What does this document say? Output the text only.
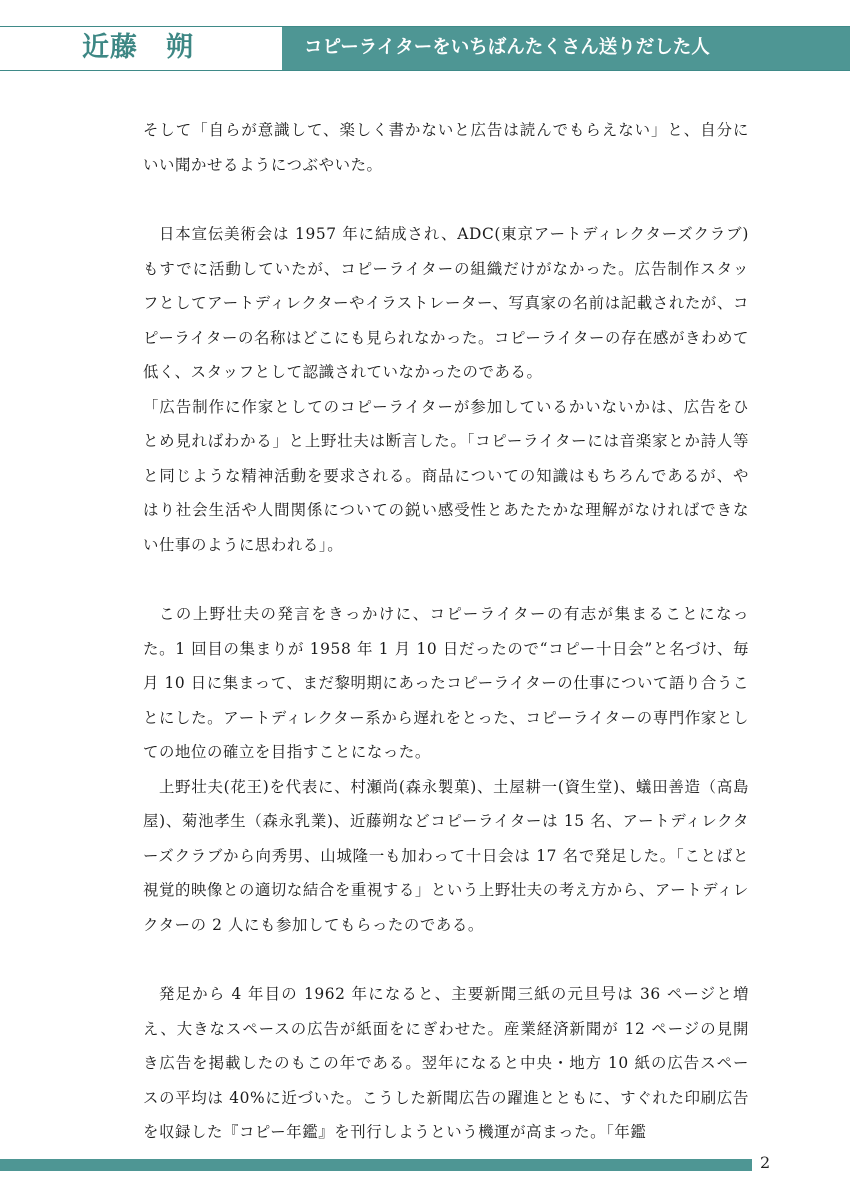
近藤　朔	コピーライターをいちばんたくさん送りだした人

そして「自らが意識して、楽しく書かないと広告は読んでもらえない」と、自分にいい聞かせるようにつぶやいた。

日本宣伝美術会は 1957 年に結成され、ADC(東京アートディレクターズクラブ)もすでに活動していたが、コピーライターの組織だけがなかった。広告制作スタッフとしてアートディレクターやイラストレーター、写真家の名前は記載されたが、コピーライターの名称はどこにも見られなかった。コピーライターの存在感がきわめて低く、スタッフとして認識されていなかったのである。

「広告制作に作家としてのコピーライターが参加しているかいないかは、広告をひとめ見ればわかる」と上野壮夫は断言した。「コピーライターには音楽家とか詩人等と同じような精神活動を要求される。商品についての知識はもちろんであるが、やはり社会生活や人間関係についての鋭い感受性とあたたかな理解がなければできない仕事のように思われる」。

この上野壮夫の発言をきっかけに、コピーライターの有志が集まることになった。1 回目の集まりが 1958 年 1 月 10 日だったので“コピー十日会”と名づけ、毎月 10 日に集まって、まだ黎明期にあったコピーライターの仕事について語り合うことにした。アートディレクター系から遅れをとった、コピーライターの専門作家としての地位の確立を目指すことになった。

上野壮夫(花王)を代表に、村瀬尚(森永製菓)、土屋耕一(資生堂)、蟻田善造（高島屋)、菊池孝生（森永乳業)、近藤朔などコピーライターは 15 名、アートディレクターズクラブから向秀男、山城隆一も加わって十日会は 17 名で発足した。「ことばと視覚的映像との適切な結合を重視する」という上野壮夫の考え方から、アートディレクターの 2 人にも参加してもらったのである。

発足から 4 年目の 1962 年になると、主要新聞三紙の元旦号は 36 ページと増え、大きなスペースの広告が紙面をにぎわせた。産業経済新聞が 12 ページの見開き広告を掲載したのもこの年である。翌年になると中央・地方 10 紙の広告スペースの平均は 40%に近づいた。こうした新聞広告の躍進とともに、すぐれた印刷広告を収録した『コピー年鑑』を刊行しようという機運が高まった。「年鑑

2
